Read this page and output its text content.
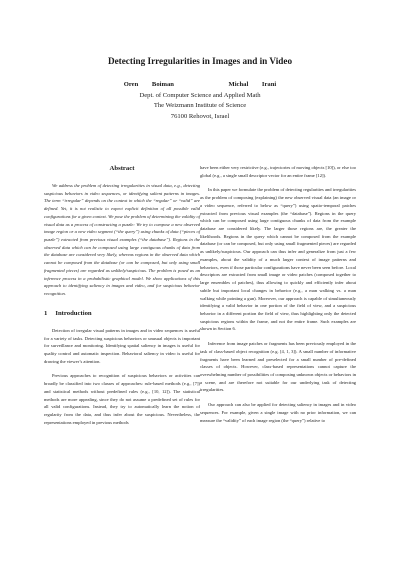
Detecting Irregularities in Images and in Video
Oren Boiman    Michal Irani
Dept. of Computer Science and Applied Math
The Weizmann Institute of Science
76100 Rehovot, Israel
Abstract

We address the problem of detecting irregularities in visual data, e.g., detecting suspicious behaviors in video sequences, or identifying salient patterns in images. The term “irregular” depends on the context in which the “regular” or “valid” are defined. Yet, it is not realistic to expect explicit definition of all possible valid configurations for a given context. We pose the problem of determining the validity of visual data as a process of constructing a puzzle: We try to compose a new observed image region or a new video segment (“the query”) using chunks of data (“pieces of puzzle”) extracted from previous visual examples (“the database”). Regions in the observed data which can be composed using large contiguous chunks of data from the database are considered very likely, whereas regions in the observed data which cannot be composed from the database (or can be composed, but only using small fragmented pieces) are regarded as unlikely/suspicious. The problem is posed as an inference process in a probabilistic graphical model. We show applications of this approach to identifying saliency in images and video, and for suspicious behavior recognition.

1 Introduction

Detection of irregular visual patterns in images and in video sequences is useful for a variety of tasks. Detecting suspicious behaviors or unusual objects is important for surveillance and monitoring. Identifying spatial saliency in images is useful for quality control and automatic inspection. Behavioral saliency in video is useful for drawing the viewer’s attention.

Previous approaches to recognition of suspicious behaviors or activities can broadly be classified into two classes of approaches: rule-based methods (e.g., [7]) and statistical methods without predefined rules (e.g., [10, 12]). The statistical methods are more appealing, since they do not assume a predefined set of rules for all valid configurations. Instead, they try to automatically learn the notion of regularity from the data, and thus infer about the suspicious. Nevertheless, the representations employed in previous methods

have been either very restrictive (e.g., trajectories of moving objects [10]), or else too global (e.g., a single small descriptor vector for an entire frame [12]).

In this paper we formulate the problem of detecting regularities and irregularities as the problem of composing (explaining) the new observed visual data (an image or a video sequence, referred to below as “query”) using spatio-temporal patches extracted from previous visual examples (the “database”). Regions in the query which can be composed using large contiguous chunks of data from the example database are considered likely. The larger those regions are, the greater the likelihoods. Regions in the query which cannot be composed from the example database (or can be composed, but only using small fragmented pieces) are regarded as unlikely/suspicious. Our approach can thus infer and generalize from just a few examples, about the validity of a much larger context of image patterns and behaviors, even if those particular configurations have never been seen before. Local descriptors are extracted from small image or video patches (composed together to large ensembles of patches), thus allowing to quickly and efficiently infer about subtle but important local changes in behavior (e.g., a man walking vs. a man walking while pointing a gun). Moreover, our approach is capable of simultaneously identifying a valid behavior in one portion of the field of view, and a suspicious behavior in a different portion the field of view, thus highlighting only the detected suspicious regions within the frame, and not the entire frame. Such examples are shown in Section 6.

Inference from image patches or fragments has been previously employed in the task of class-based object recognition (e.g. [4, 1, 3]). A small number of informative fragments have been learned and preselected for a small number of pre-defined classes of objects. However, class-based representations cannot capture the overwhelming number of possibilities of composing unknown objects or behaviors in a scene, and are therefore not suitable for our underlying task of detecting irregularities.

Our approach can also be applied for detecting saliency in images and in video sequences. For example, given a single image with no prior information, we can measure the “validity” of each image region (the “query”) relative to
